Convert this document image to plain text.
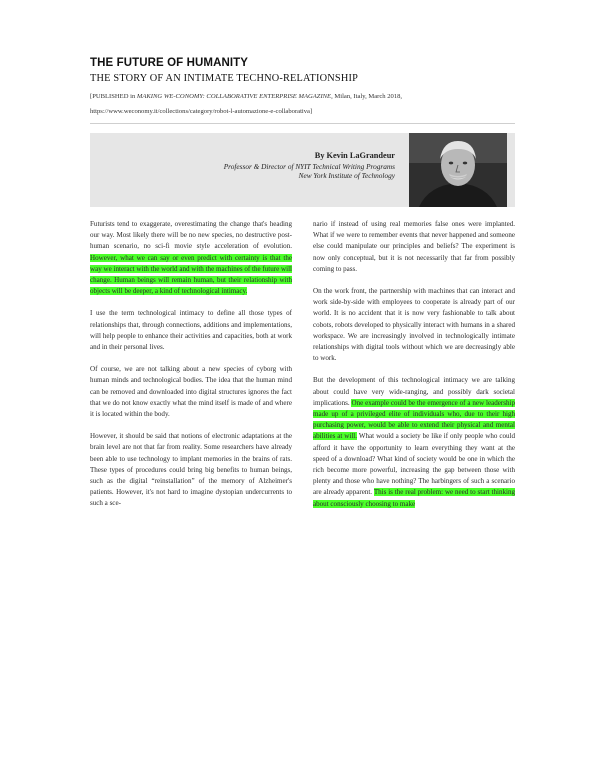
THE FUTURE OF HUMANITY
THE STORY OF AN INTIMATE TECHNO-RELATIONSHIP
[PUBLISHED in MAKING WE-CONOMY: COLLABORATIVE ENTERPRISE MAGAZINE, Milan, Italy, March 2018, https://www.weconomy.it/collections/category/robot-l-automazione-e-collaborativa]
By Kevin LaGrandeur
Professor & Director of NYIT Technical Writing Programs
New York Institute of Technology

Futurists tend to exaggerate, overestimating the change that's heading our way. Most likely there will be no new species, no destructive post-human scenario, no sci-fi movie style acceleration of evolution. However, what we can say or even predict with certainty is that the way we interact with the world and with the machines of the future will change. Human beings will remain human, but their relationship with objects will be deeper, a kind of technological intimacy.

I use the term technological intimacy to define all those types of relationships that, through connections, additions and implementations, will help people to enhance their activities and capacities, both at work and in their personal lives.

Of course, we are not talking about a new species of cyborg with human minds and technological bodies. The idea that the human mind can be removed and downloaded into digital structures ignores the fact that we do not know exactly what the mind itself is made of and where it is located within the body.

However, it should be said that notions of electronic adaptations at the brain level are not that far from reality. Some researchers have already been able to use technology to implant memories in the brains of rats. These types of procedures could bring big benefits to human beings, such as the digital “reinstallation” of the memory of Alzheimer's patients. However, it's not hard to imagine dystopian undercurrents to such a sce-

nario if instead of using real memories false ones were implanted. What if we were to remember events that never happened and someone else could manipulate our principles and beliefs? The experiment is now only conceptual, but it is not necessarily that far from possibly coming to pass.

On the work front, the partnership with machines that can interact and work side-by-side with employees to cooperate is already part of our world. It is no accident that it is now very fashionable to talk about cobots, robots developed to physically interact with humans in a shared workspace. We are increasingly involved in technologically intimate relationships with digital tools without which we are decreasingly able to work.

But the development of this technological intimacy we are talking about could have very wide-ranging, and possibly dark societal implications. One example could be the emergence of a new leadership made up of a privileged elite of individuals who, due to their high purchasing power, would be able to extend their physical and mental abilities at will. What would a society be like if only people who could afford it have the opportunity to learn everything they want at the speed of a download? What kind of society would be one in which the rich become more powerful, increasing the gap between those with plenty and those who have nothing? The harbingers of such a scenario are already apparent. This is the real problem: we need to start thinking about consciously choosing to make
